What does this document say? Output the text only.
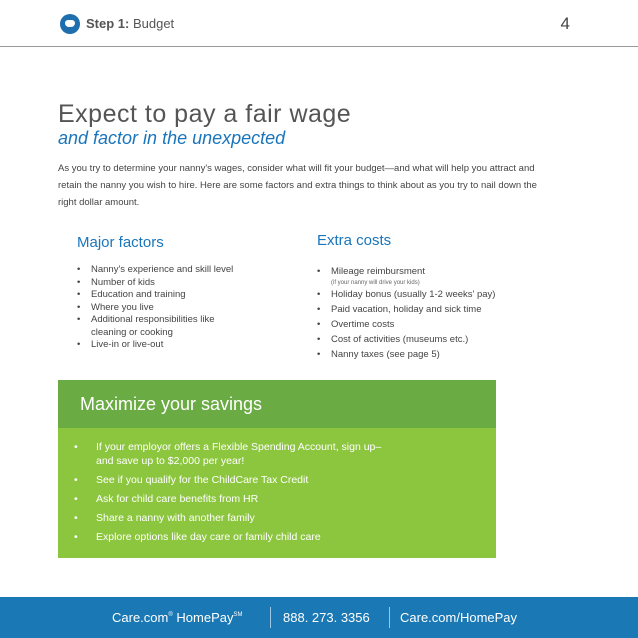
Step 1: Budget	4
Expect to pay a fair wage
and factor in the unexpected
As you try to determine your nanny's wages, consider what will fit your budget—and what will help you attract and retain the nanny you wish to hire. Here are some factors and extra things to think about as you try to nail down the right dollar amount.
Major factors
• Nanny's experience and skill level
• Number of kids
• Education and training
• Where you live
• Additional responsibilities like cleaning or cooking
• Live-in or live-out
Extra costs
• Mileage reimbursment
(if your nanny will drive your kids)
• Holiday bonus (usually 1-2 weeks' pay)
• Paid vacation, holiday and sick time
• Overtime costs
• Cost of activities (museums etc.)
• Nanny taxes (see page 5)
Maximize your savings
• If your employor offers a Flexible Spending Account, sign up–and save up to $2,000 per year!
• See if you qualify for the ChildCare Tax Credit
• Ask for child care benefits from HR
• Share a nanny with another family
• Explore options like day care or family child care
Care.com® HomePay℠	888. 273. 3356 Care.com/HomePay
